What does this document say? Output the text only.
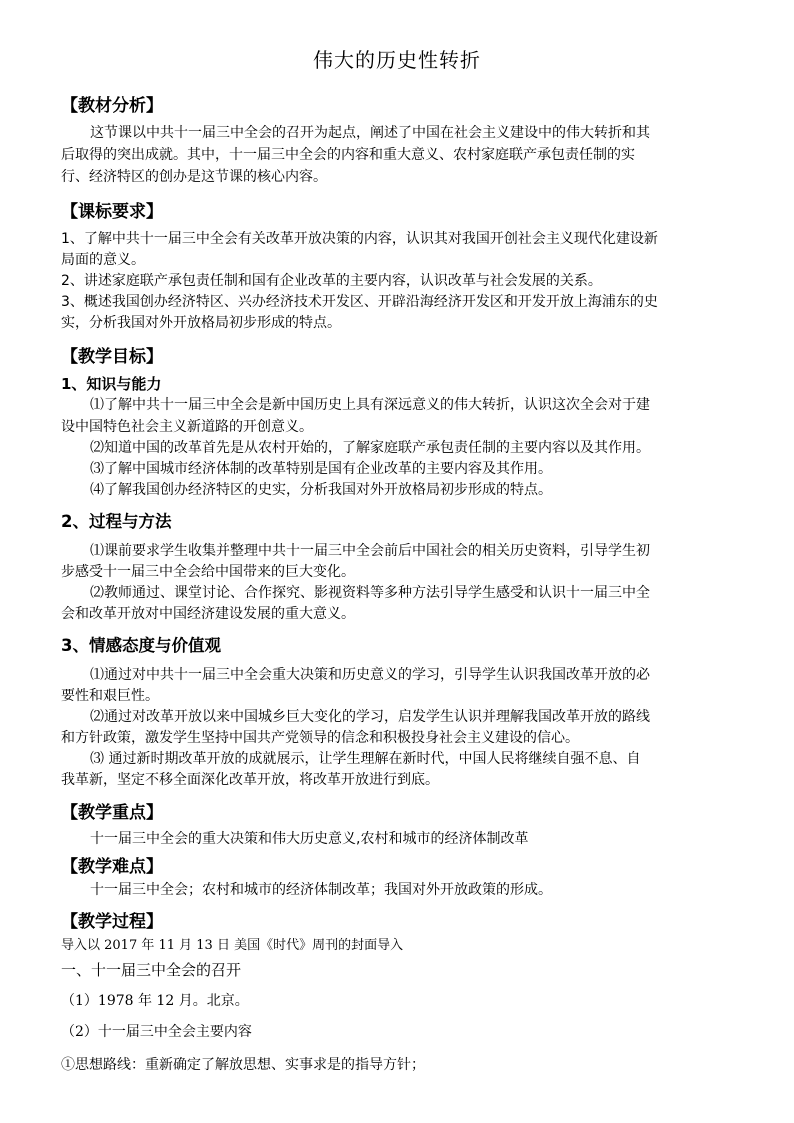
伟大的历史性转折
【教材分析】
这节课以中共十一届三中全会的召开为起点，阐述了中国在社会主义建设中的伟大转折和其
后取得的突出成就。其中，十一届三中全会的内容和重大意义、农村家庭联产承包责任制的实
行、经济特区的创办是这节课的核心内容。
【课标要求】
1、了解中共十一届三中全会有关改革开放决策的内容，认识其对我国开创社会主义现代化建设新
局面的意义。
2、讲述家庭联产承包责任制和国有企业改革的主要内容，认识改革与社会发展的关系。
3、概述我国创办经济特区、兴办经济技术开发区、开辟沿海经济开发区和开发开放上海浦东的史
实，分析我国对外开放格局初步形成的特点。
【教学目标】
1、知识与能力
⑴了解中共十一届三中全会是新中国历史上具有深远意义的伟大转折，认识这次全会对于建
设中国特色社会主义新道路的开创意义。
⑵知道中国的改革首先是从农村开始的，了解家庭联产承包责任制的主要内容以及其作用。
⑶了解中国城市经济体制的改革特别是国有企业改革的主要内容及其作用。
⑷了解我国创办经济特区的史实，分析我国对外开放格局初步形成的特点。
2、过程与方法
⑴课前要求学生收集并整理中共十一届三中全会前后中国社会的相关历史资料，引导学生初
步感受十一届三中全会给中国带来的巨大变化。
⑵教师通过、课堂讨论、合作探究、影视资料等多种方法引导学生感受和认识十一届三中全
会和改革开放对中国经济建设发展的重大意义。
3、情感态度与价值观
⑴通过对中共十一届三中全会重大决策和历史意义的学习，引导学生认识我国改革开放的必
要性和艰巨性。
⑵通过对改革开放以来中国城乡巨大变化的学习，启发学生认识并理解我国改革开放的路线
和方针政策，激发学生坚持中国共产党领导的信念和积极投身社会主义建设的信心。
⑶ 通过新时期改革开放的成就展示，让学生理解在新时代，中国人民将继续自强不息、自
我革新，坚定不移全面深化改革开放，将改革开放进行到底。
【教学重点】
十一届三中全会的重大决策和伟大历史意义,农村和城市的经济体制改革
【教学难点】
十一届三中全会；农村和城市的经济体制改革；我国对外开放政策的形成。
【教学过程】
导入以 2017 年 11 月 13 日 美国《时代》周刊的封面导入
一、十一届三中全会的召开
（1）1978 年 12 月。北京。
（2）十一届三中全会主要内容
①思想路线：重新确定了解放思想、实事求是的指导方针；
